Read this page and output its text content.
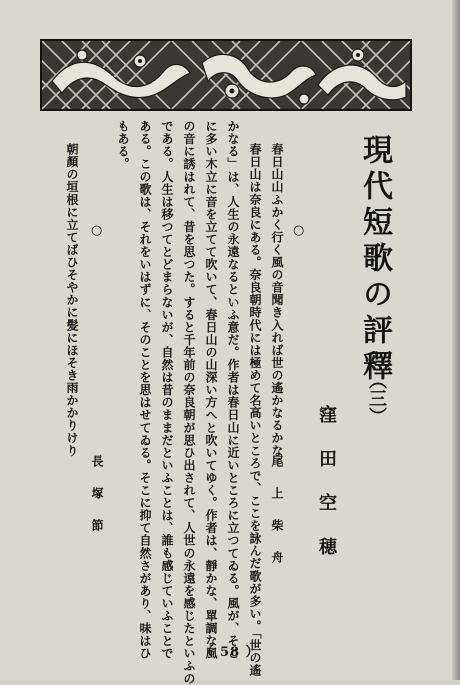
現代短歌の評釋
（三）
窪田空穂
○
春日山山ふかく行く風の音聞き入れば世の遙かなるかな
尾上柴舟
春日山は奈良にある。奈良朝時代には極めて名高いところで、ここを詠んだ歌が多い。「世の遙
かなる」は、人生の永遠なるといふ意だ。作者は春日山に近いところに立つてゐる。風が、そこ
に多い木立に音を立てて吹いて、春日山の山深い方へと吹いてゆく。作者は、靜かな、單調な風
の音に誘はれて、昔を思つた。すると千年前の奈良朝が思ひ出されて、人世の永遠を感じたといふの
である。人生は移つてとどまらないが、自然は昔のままだといふことは、誰も感じていふことで
ある。この歌は、それをいはずに、そのことを思はせてゐる。そこに抑て自然さがあり、味はひ
もある。
○
朝顏の垣根に立てばひそやかに髪にほそき雨かかりけり
長塚節
（ 58 ）
